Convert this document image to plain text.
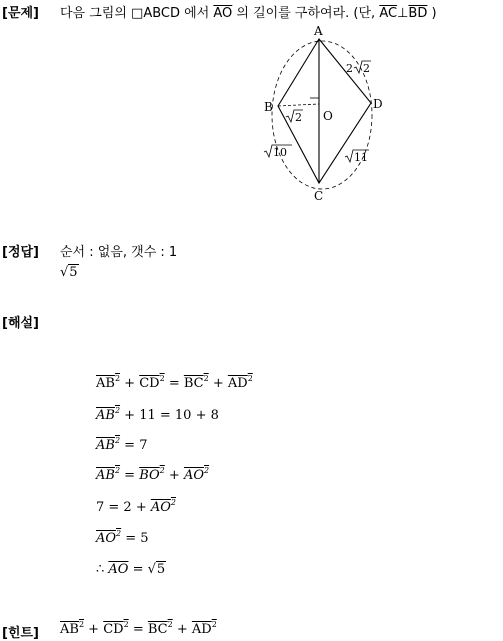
[문제] 다음 그림의 □ABCD 에서 $\overline{AO}$ 의 길이를 구하여라. (단, $\overline{AC}\perp\overline{BD}$ )
A
B
C
D
O
2 2
2
10	11
[정답] 순서 : 없음, 갯수 : 1
√5
[해설]
$AB^2 + CD^2 = BC^2 + AD^2$
$AB^2 + 11 = 10 + 8$
$AB^2 = 7$
$AB^2 = BO^2 + AO^2$
$7 = 2 + AO^2$
$AO^2 = 5$
∴ $\overline{AO} = √5$
[힌트] $AB^2 + CD^2 = BC^2 + AD^2$
